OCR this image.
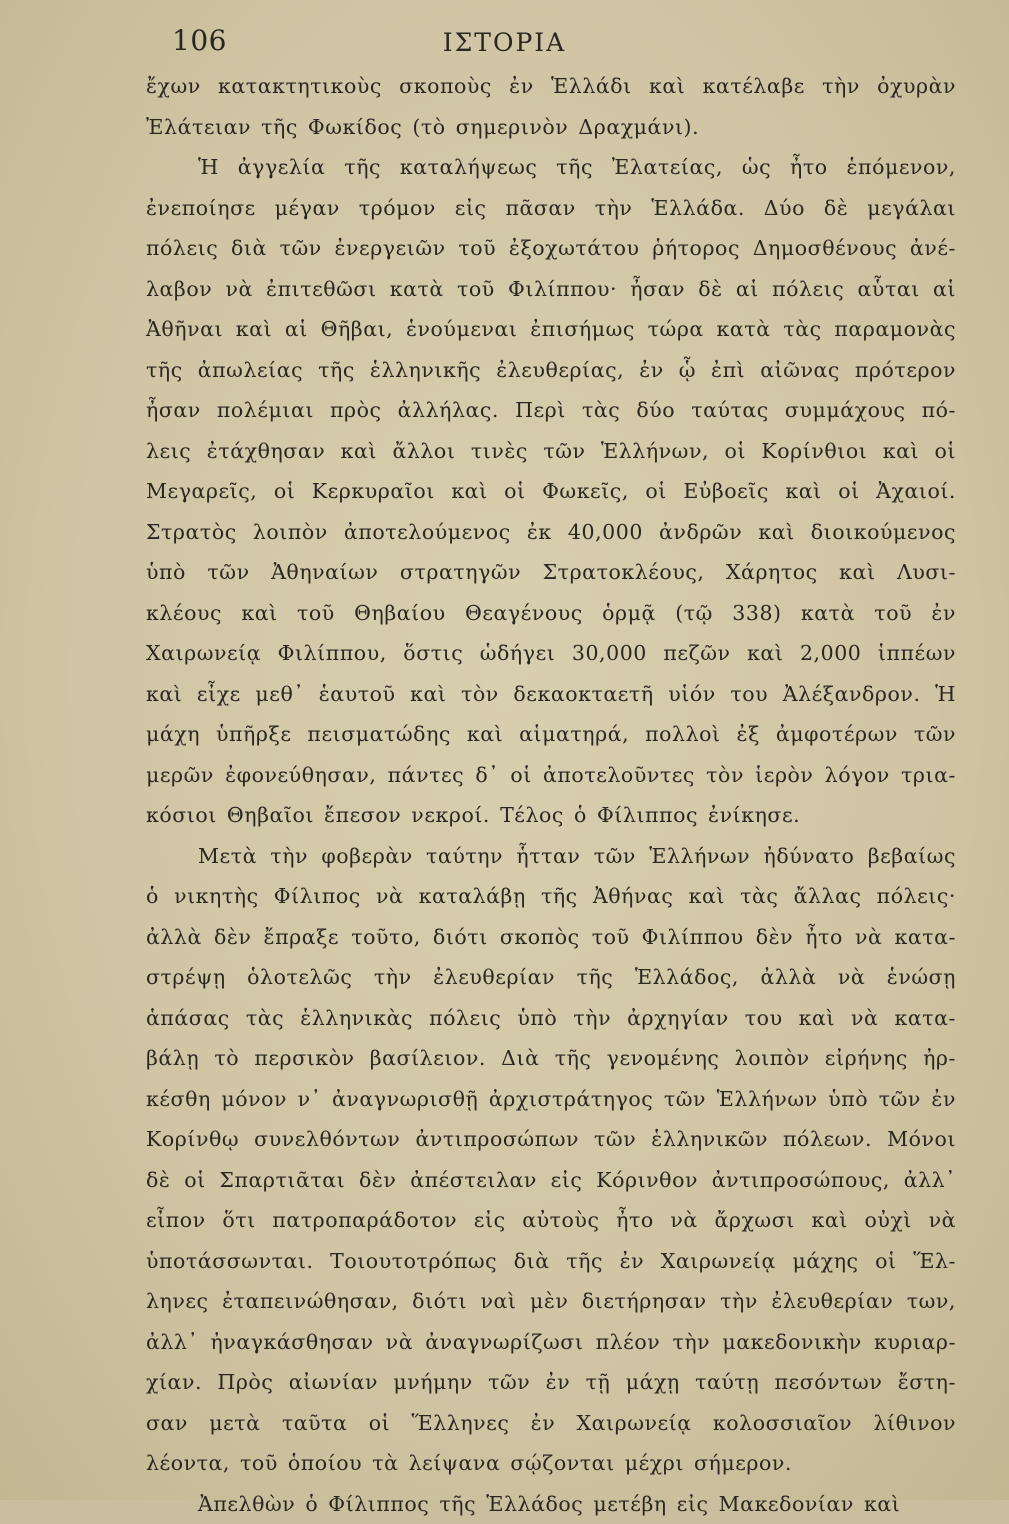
106	ΙΣΤΟΡΙΑ
ἔχων κατακτητικοὺς σκοποὺς ἐν Ἑλλάδι καὶ κατέλαβε τὴν ὀχυρὰν
Ἐλάτειαν τῆς Φωκίδος (τὸ σημερινὸν Δραχμάνι).
Ἡ ἀγγελία τῆς καταλήψεως τῆς Ἐλατείας, ὡς ἦτο ἑπόμενον,
ἐνεποίησε μέγαν τρόμον εἰς πᾶσαν τὴν Ἑλλάδα. Δύο δὲ μεγάλαι
πόλεις διὰ τῶν ἐνεργειῶν τοῦ ἐξοχωτάτου ῥήτορος Δημοσθένους ἀνέ-
λαβον νὰ ἐπιτεθῶσι κατὰ τοῦ Φιλίππου· ἦσαν δὲ αἱ πόλεις αὗται αἱ
Ἀθῆναι καὶ αἱ Θῆβαι, ἑνούμεναι ἐπισήμως τώρα κατὰ τὰς παραμονὰς
τῆς ἀπωλείας τῆς ἑλληνικῆς ἐλευθερίας, ἐν ᾧ ἐπὶ αἰῶνας πρότερον
ἦσαν πολέμιαι πρὸς ἀλλήλας. Περὶ τὰς δύο ταύτας συμμάχους πό-
λεις ἐτάχθησαν καὶ ἄλλοι τινὲς τῶν Ἑλλήνων, οἱ Κορίνθιοι καὶ οἱ
Μεγαρεῖς, οἱ Κερκυραῖοι καὶ οἱ Φωκεῖς, οἱ Εὐβοεῖς καὶ οἱ Ἀχαιοί.
Στρατὸς λοιπὸν ἀποτελούμενος ἐκ 40,000 ἀνδρῶν καὶ διοικούμενος
ὑπὸ τῶν Ἀθηναίων στρατηγῶν Στρατοκλέους, Χάρητος καὶ Λυσι-
κλέους καὶ τοῦ Θηβαίου Θεαγένους ὁρμᾷ (τῷ 338) κατὰ τοῦ ἐν
Χαιρωνείᾳ Φιλίππου, ὅστις ὡδήγει 30,000 πεζῶν καὶ 2,000 ἱππέων
καὶ εἶχε μεθ᾿ ἑαυτοῦ καὶ τὸν δεκαοκταετῆ υἱόν του Ἀλέξανδρον. Ἡ
μάχη ὑπῆρξε πεισματώδης καὶ αἱματηρά, πολλοὶ ἐξ ἀμφοτέρων τῶν
μερῶν ἐφονεύθησαν, πάντες δ᾿ οἱ ἀποτελοῦντες τὸν ἱερὸν λόγον τρια-
κόσιοι Θηβαῖοι ἔπεσον νεκροί. Τέλος ὁ Φίλιππος ἐνίκησε.
Μετὰ τὴν φοβερὰν ταύτην ἧτταν τῶν Ἑλλήνων ἠδύνατο βεβαίως
ὁ νικητὴς Φίλιπος νὰ καταλάβῃ τῆς Ἀθήνας καὶ τὰς ἄλλας πόλεις·
ἀλλὰ δὲν ἔπραξε τοῦτο, διότι σκοπὸς τοῦ Φιλίππου δὲν ἦτο νὰ κατα-
στρέψῃ ὁλοτελῶς τὴν ἐλευθερίαν τῆς Ἑλλάδος, ἀλλὰ νὰ ἑνώσῃ
ἁπάσας τὰς ἑλληνικὰς πόλεις ὑπὸ τὴν ἀρχηγίαν του καὶ νὰ κατα-
βάλῃ τὸ περσικὸν βασίλειον. Διὰ τῆς γενομένης λοιπὸν εἰρήνης ἠρ-
κέσθη μόνον ν᾿ ἀναγνωρισθῇ ἀρχιστράτηγος τῶν Ἑλλήνων ὑπὸ τῶν ἐν
Κορίνθῳ συνελθόντων ἀντιπροσώπων τῶν ἑλληνικῶν πόλεων. Μόνοι
δὲ οἱ Σπαρτιᾶται δὲν ἀπέστειλαν εἰς Κόρινθον ἀντιπροσώπους, ἀλλ᾿
εἶπον ὅτι πατροπαράδοτον εἰς αὐτοὺς ἦτο νὰ ἄρχωσι καὶ οὐχὶ νὰ
ὑποτάσσωνται. Τοιουτοτρόπως διὰ τῆς ἐν Χαιρωνείᾳ μάχης οἱ Ἕλ-
ληνες ἐταπεινώθησαν, διότι ναὶ μὲν διετήρησαν τὴν ἐλευθερίαν των,
ἀλλ᾿ ἠναγκάσθησαν νὰ ἀναγνωρίζωσι πλέον τὴν μακεδονικὴν κυριαρ-
χίαν. Πρὸς αἰωνίαν μνήμην τῶν ἐν τῇ μάχῃ ταύτῃ πεσόντων ἔστη-
σαν μετὰ ταῦτα οἱ Ἕλληνες ἐν Χαιρωνείᾳ κολοσσιαῖον λίθινον
λέοντα, τοῦ ὁποίου τὰ λείψανα σῴζονται μέχρι σήμερον.
Ἀπελθὼν ὁ Φίλιππος τῆς Ἑλλάδος μετέβη εἰς Μακεδονίαν καὶ
